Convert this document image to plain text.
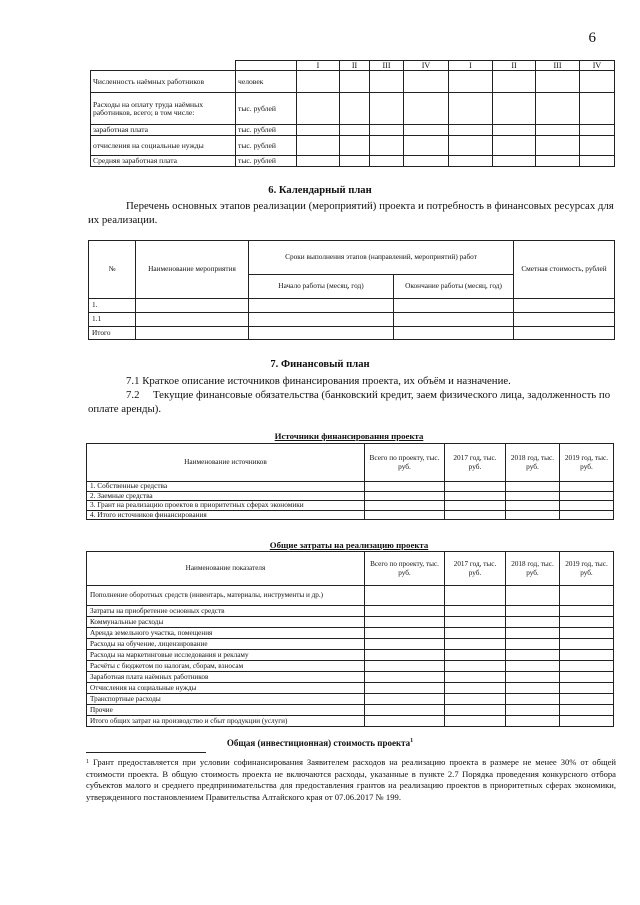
6
		I	II	III	IV	I	II	III	IV
Численность наёмных работников	человек								
Расходы на оплату труда наёмных работников, всего; в том числе:	тыс. рублей								
заработная плата	тыс. рублей								
отчисления на социальные нужды	тыс. рублей								
Средняя заработная плата	тыс. рублей								
6. Календарный план
Перечень основных этапов реализации (мероприятий) проекта и потребность в финансовых ресурсах для их реализации.
№	Наименование мероприятия	Сроки выполнения этапов (направлений, мероприятий) работ		Сметная стоимость, рублей
		Начало работы (месяц, год)	Окончание работы (месяц, год)	
1.				
1.1				
Итого				
7. Финансовый план
7.1 Краткое описание источников финансирования проекта, их объём и назначение.
7.2 Текущие финансовые обязательства (банковский кредит, заем физического лица, задолженность по оплате аренды).
Источники финансирования проекта
Наименование источников	Всего по проекту, тыс. руб.	2017 год, тыс. руб.	2018 год, тыс. руб.	2019 год, тыс. руб.
1. Собственные средства				
2. Заемные средства				
3. Грант на реализацию проектов в приоритетных сферах экономики				
4. Итого источников финансирования				
Общие затраты на реализацию проекта
Наименование показателя	Всего по проекту, тыс. руб.	2017 год, тыс. руб.	2018 год, тыс. руб.	2019 год, тыс. руб.
Пополнение оборотных средств (инвентарь, материалы, инструменты и др.)				
Затраты на приобретение основных средств				
Коммунальные расходы				
Аренда земельного участка, помещения				
Расходы на обучение, лицензирование				
Расходы на маркетинговые исследования и рекламу				
Расчёты с бюджетом по налогам, сборам, взносам				
Заработная плата наёмных работников				
Отчисления на социальные нужды				
Транспортные расходы				
Прочие				
Итого общих затрат на производство и сбыт продукции (услуги)				
Общая (инвестиционная) стоимость проекта$^1$
$^1$ Грант предоставляется при условии софинансирования Заявителем расходов на реализацию проекта в размере не менее 30% от общей стоимости проекта. В общую стоимость проекта не включаются расходы, указанные в пункте 2.7 Порядка проведения конкурсного отбора субъектов малого и среднего предпринимательства для предоставления грантов на реализацию проектов в приоритетных сферах экономики, утвержденного постановлением Правительства Алтайского края от 07.06.2017 № 199.
